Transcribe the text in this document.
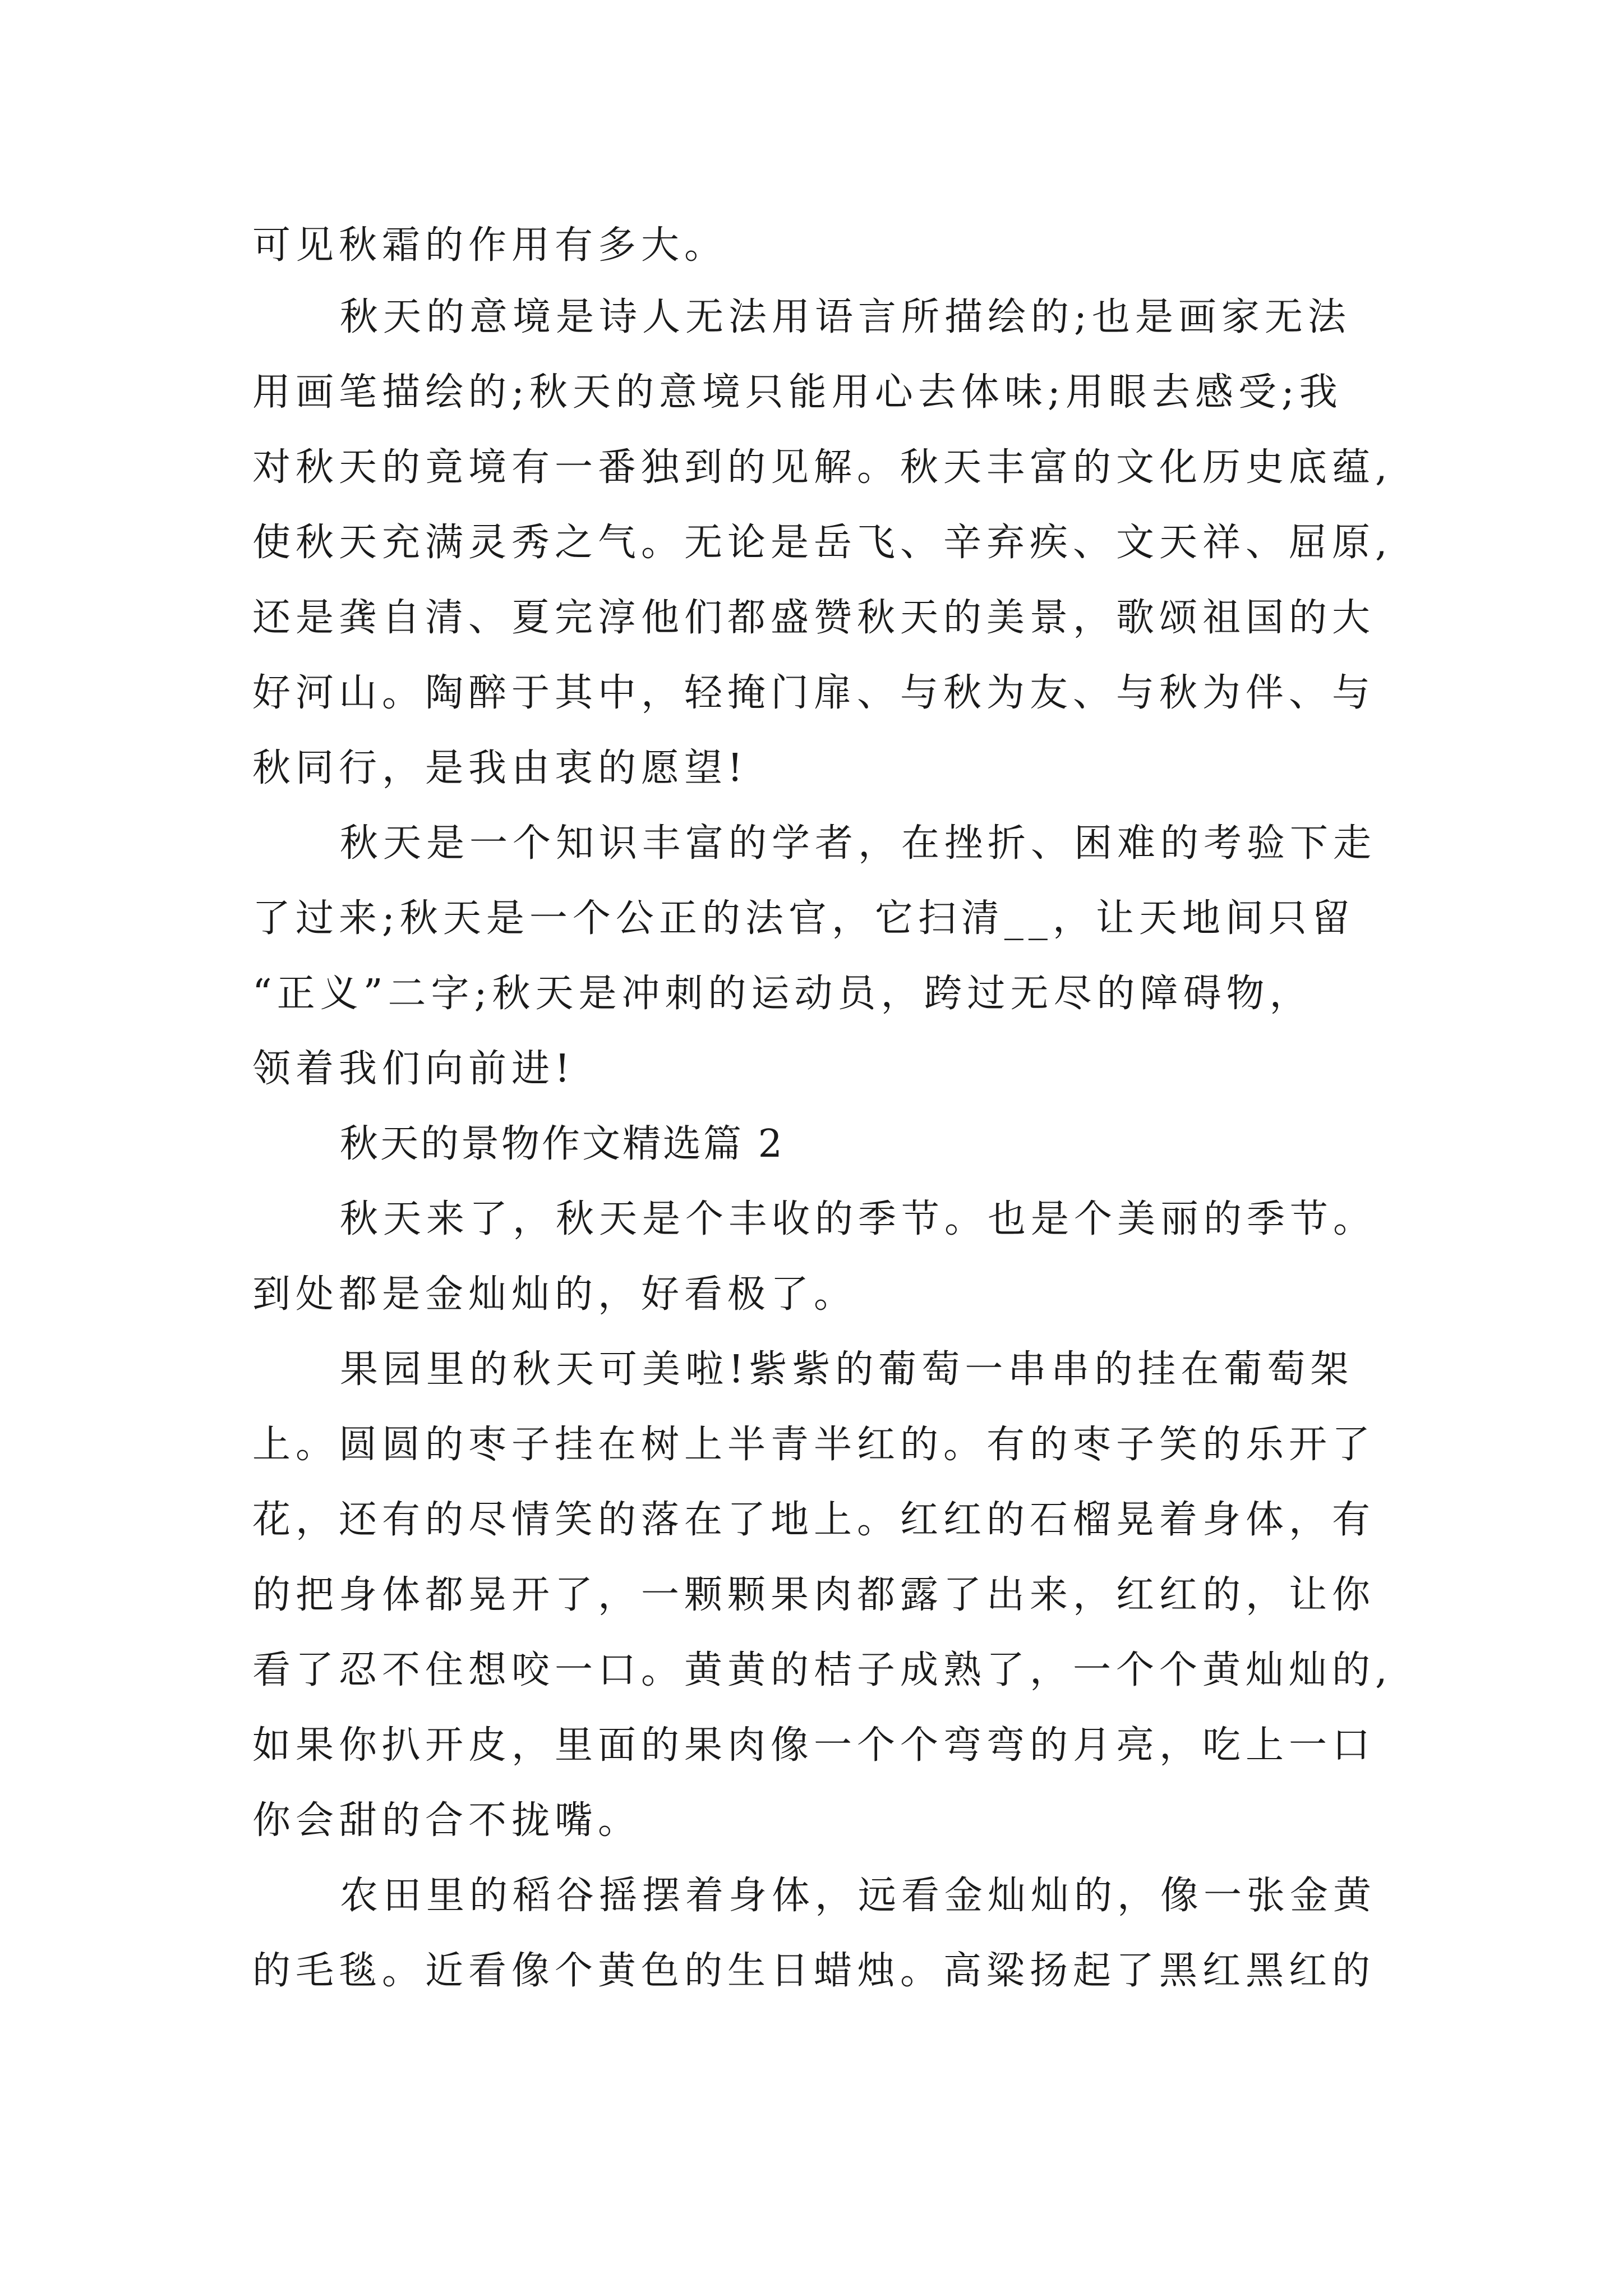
可见秋霜的作用有多大。
秋天的意境是诗人无法用语言所描绘的;也是画家无法
用画笔描绘的;秋天的意境只能用心去体味;用眼去感受;我
对秋天的竟境有一番独到的见解。秋天丰富的文化历史底蕴,
使秋天充满灵秀之气。无论是岳飞、辛弃疾、文天祥、屈原,
还是龚自清、夏完淳他们都盛赞秋天的美景，歌颂祖国的大
好河山。陶醉于其中，轻掩门扉、与秋为友、与秋为伴、与
秋同行，是我由衷的愿望!
秋天是一个知识丰富的学者，在挫折、困难的考验下走
了过来;秋天是一个公正的法官，它扫清__，让天地间只留
“正义”二字;秋天是冲刺的运动员，跨过无尽的障碍物，
领着我们向前进!
秋天的景物作文精选篇 2
秋天来了，秋天是个丰收的季节。也是个美丽的季节。
到处都是金灿灿的，好看极了。
果园里的秋天可美啦!紫紫的葡萄一串串的挂在葡萄架
上。圆圆的枣子挂在树上半青半红的。有的枣子笑的乐开了
花，还有的尽情笑的落在了地上。红红的石榴晃着身体，有
的把身体都晃开了，一颗颗果肉都露了出来，红红的，让你
看了忍不住想咬一口。黄黄的桔子成熟了，一个个黄灿灿的,
如果你扒开皮，里面的果肉像一个个弯弯的月亮，吃上一口
你会甜的合不拢嘴。
农田里的稻谷摇摆着身体，远看金灿灿的，像一张金黄
的毛毯。近看像个黄色的生日蜡烛。高粱扬起了黑红黑红的
